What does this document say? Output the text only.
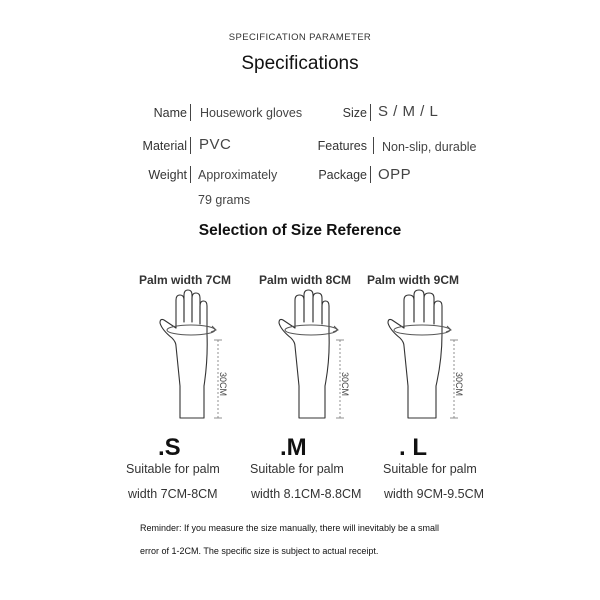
SPECIFICATION PARAMETER
Specifications
Name Housework gloves	Size S / M / L
Material PVC	Features Non-slip, durable
Weight Approximately
79 grams
Package OPP
Selection of Size Reference
Palm width 7CM
30CM
.S
Suitable for palm
width 7CM-8CM
Palm width 8CM
30CM
.M
Suitable for palm
width 8.1CM-8.8CM
Palm width 9CM
30CM
. L
Suitable for palm
width 9CM-9.5CM
Reminder: If you measure the size manually, there will inevitably be a small
error of 1-2CM. The specific size is subject to actual receipt.
